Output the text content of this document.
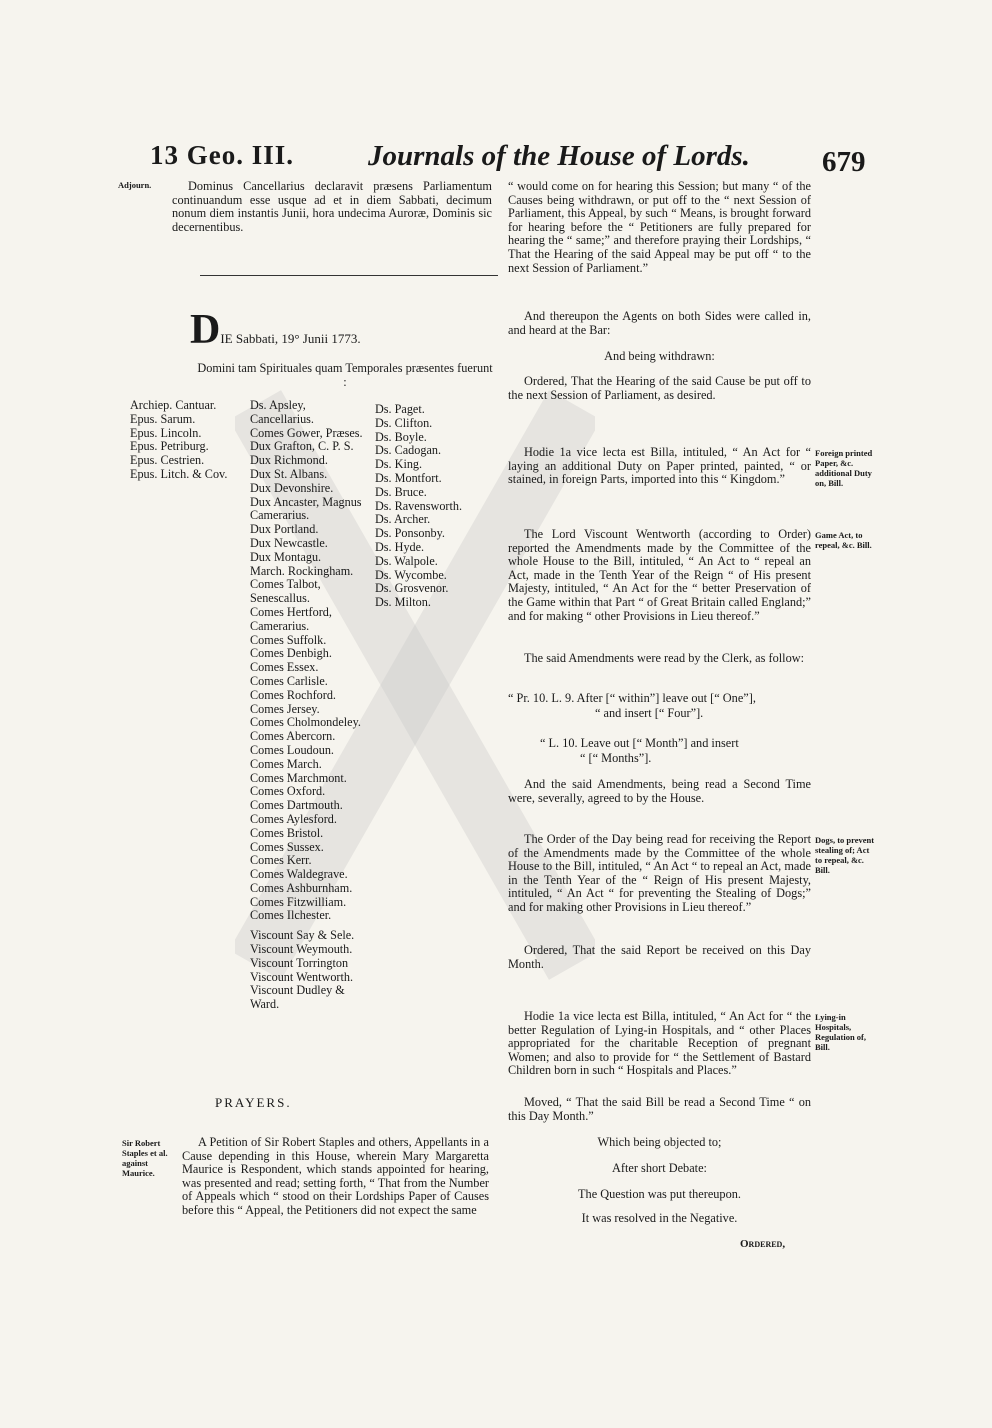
13 Geo. III.	Journals of the House of Lords. 679
Adjourn.	Dominus Cancellarius declaravit præsens Parliamentum continuandum esse usque ad et in diem Sabbati, decimum nonum diem instantis Junii, hora undecima Auroræ, Dominis sic decernentibus.
DIE Sabbati, 19° Junii 1773.
Domini tam Spirituales quam Temporales præsentes fuerunt :
Archiep. Cantuar.
Epus. Sarum.
Epus. Lincoln.
Epus. Petriburg.
Epus. Cestrien.
Epus. Litch. & Cov.
Ds. Apsley, Cancellarius.
Comes Gower, Præses.
Dux Grafton, C. P. S.
Dux Richmond.
Dux St. Albans.
Dux Devonshire.
Dux Ancaster, Magnus Camerarius.
Dux Portland.
Dux Newcastle.
Dux Montagu.
March. Rockingham.
Comes Talbot, Senescallus.
Comes Hertford, Camerarius.
Comes Suffolk.
Comes Denbigh.
Comes Essex.
Comes Carlisle.
Comes Rochford.
Comes Jersey.
Comes Cholmondeley.
Comes Abercorn.
Comes Loudoun.
Comes March.
Comes Marchmont.
Comes Oxford.
Comes Dartmouth.
Comes Aylesford.
Comes Bristol.
Comes Sussex.
Comes Kerr.
Comes Waldegrave.
Comes Ashburnham.
Comes Fitzwilliam.
Comes Ilchester.
Viscount Say & Sele.
Viscount Weymouth.
Viscount Torrington
Viscount Wentworth.
Viscount Dudley & Ward.
Ds. Paget.
Ds. Clifton.
Ds. Boyle.
Ds. Cadogan.
Ds. King.
Ds. Montfort.
Ds. Bruce.
Ds. Ravensworth.
Ds. Archer.
Ds. Ponsonby.
Ds. Hyde.
Ds. Walpole.
Ds. Wycombe.
Ds. Grosvenor.
Ds. Milton.
PRAYERS.
Sir Robert Staples et al. against Maurice.
A Petition of Sir Robert Staples and others, Appellants in a Cause depending in this House, wherein Mary Margaretta Maurice is Respondent, which stands appointed for hearing, was presented and read; setting forth, “ That from the Number of Appeals which “ stood on their Lordships Paper of Causes before this “ Appeal, the Petitioners did not expect the same
“ would come on for hearing this Session; but many “ of the Causes being withdrawn, or put off to the “ next Session of Parliament, this Appeal, by such “ Means, is brought forward for hearing before the “ Petitioners are fully prepared for hearing the “ same;” and therefore praying their Lordships, “ That the Hearing of the said Appeal may be put off “ to the next Session of Parliament.”
And thereupon the Agents on both Sides were called in, and heard at the Bar:
And being withdrawn:
Ordered, That the Hearing of the said Cause be put off to the next Session of Parliament, as desired.
Foreign printed Paper, &c. additional Duty on, Bill.
Hodie 1a vice lecta est Billa, intituled, “ An Act for “ laying an additional Duty on Paper printed, painted, “ or stained, in foreign Parts, imported into this “ Kingdom.”
Game Act, to repeal, &c. Bill.
The Lord Viscount Wentworth (according to Order) reported the Amendments made by the Committee of the whole House to the Bill, intituled, “ An Act to “ repeal an Act, made in the Tenth Year of the Reign “ of His present Majesty, intituled, “ An Act for the “ better Preservation of the Game within that Part “ of Great Britain called England;” and for making “ other Provisions in Lieu thereof.”
The said Amendments were read by the Clerk, as follow:
“ Pr. 10. L. 9. After [“ within”] leave out [“ One”],
“ and insert [“ Four”].
“ L. 10. Leave out [“ Month”] and insert
“ [“ Months”].
And the said Amendments, being read a Second Time were, severally, agreed to by the House.
Dogs, to prevent stealing of; Act to repeal, &c. Bill.
The Order of the Day being read for receiving the Report of the Amendments made by the Committee of the whole House to the Bill, intituled, “ An Act “ to repeal an Act, made in the Tenth Year of the “ Reign of His present Majesty, intituled, “ An Act “ for preventing the Stealing of Dogs;” and for making other Provisions in Lieu thereof.”
Ordered, That the said Report be received on this Day Month.
Lying-in Hospitals, Regulation of, Bill.
Hodie 1a vice lecta est Billa, intituled, “ An Act for “ the better Regulation of Lying-in Hospitals, and “ other Places appropriated for the charitable Reception of pregnant Women; and also to provide for “ the Settlement of Bastard Children born in such “ Hospitals and Places.”
Moved, “ That the said Bill be read a Second Time “ on this Day Month.”
Which being objected to;
After short Debate:
The Question was put thereupon.
It was resolved in the Negative.
Ordered,
